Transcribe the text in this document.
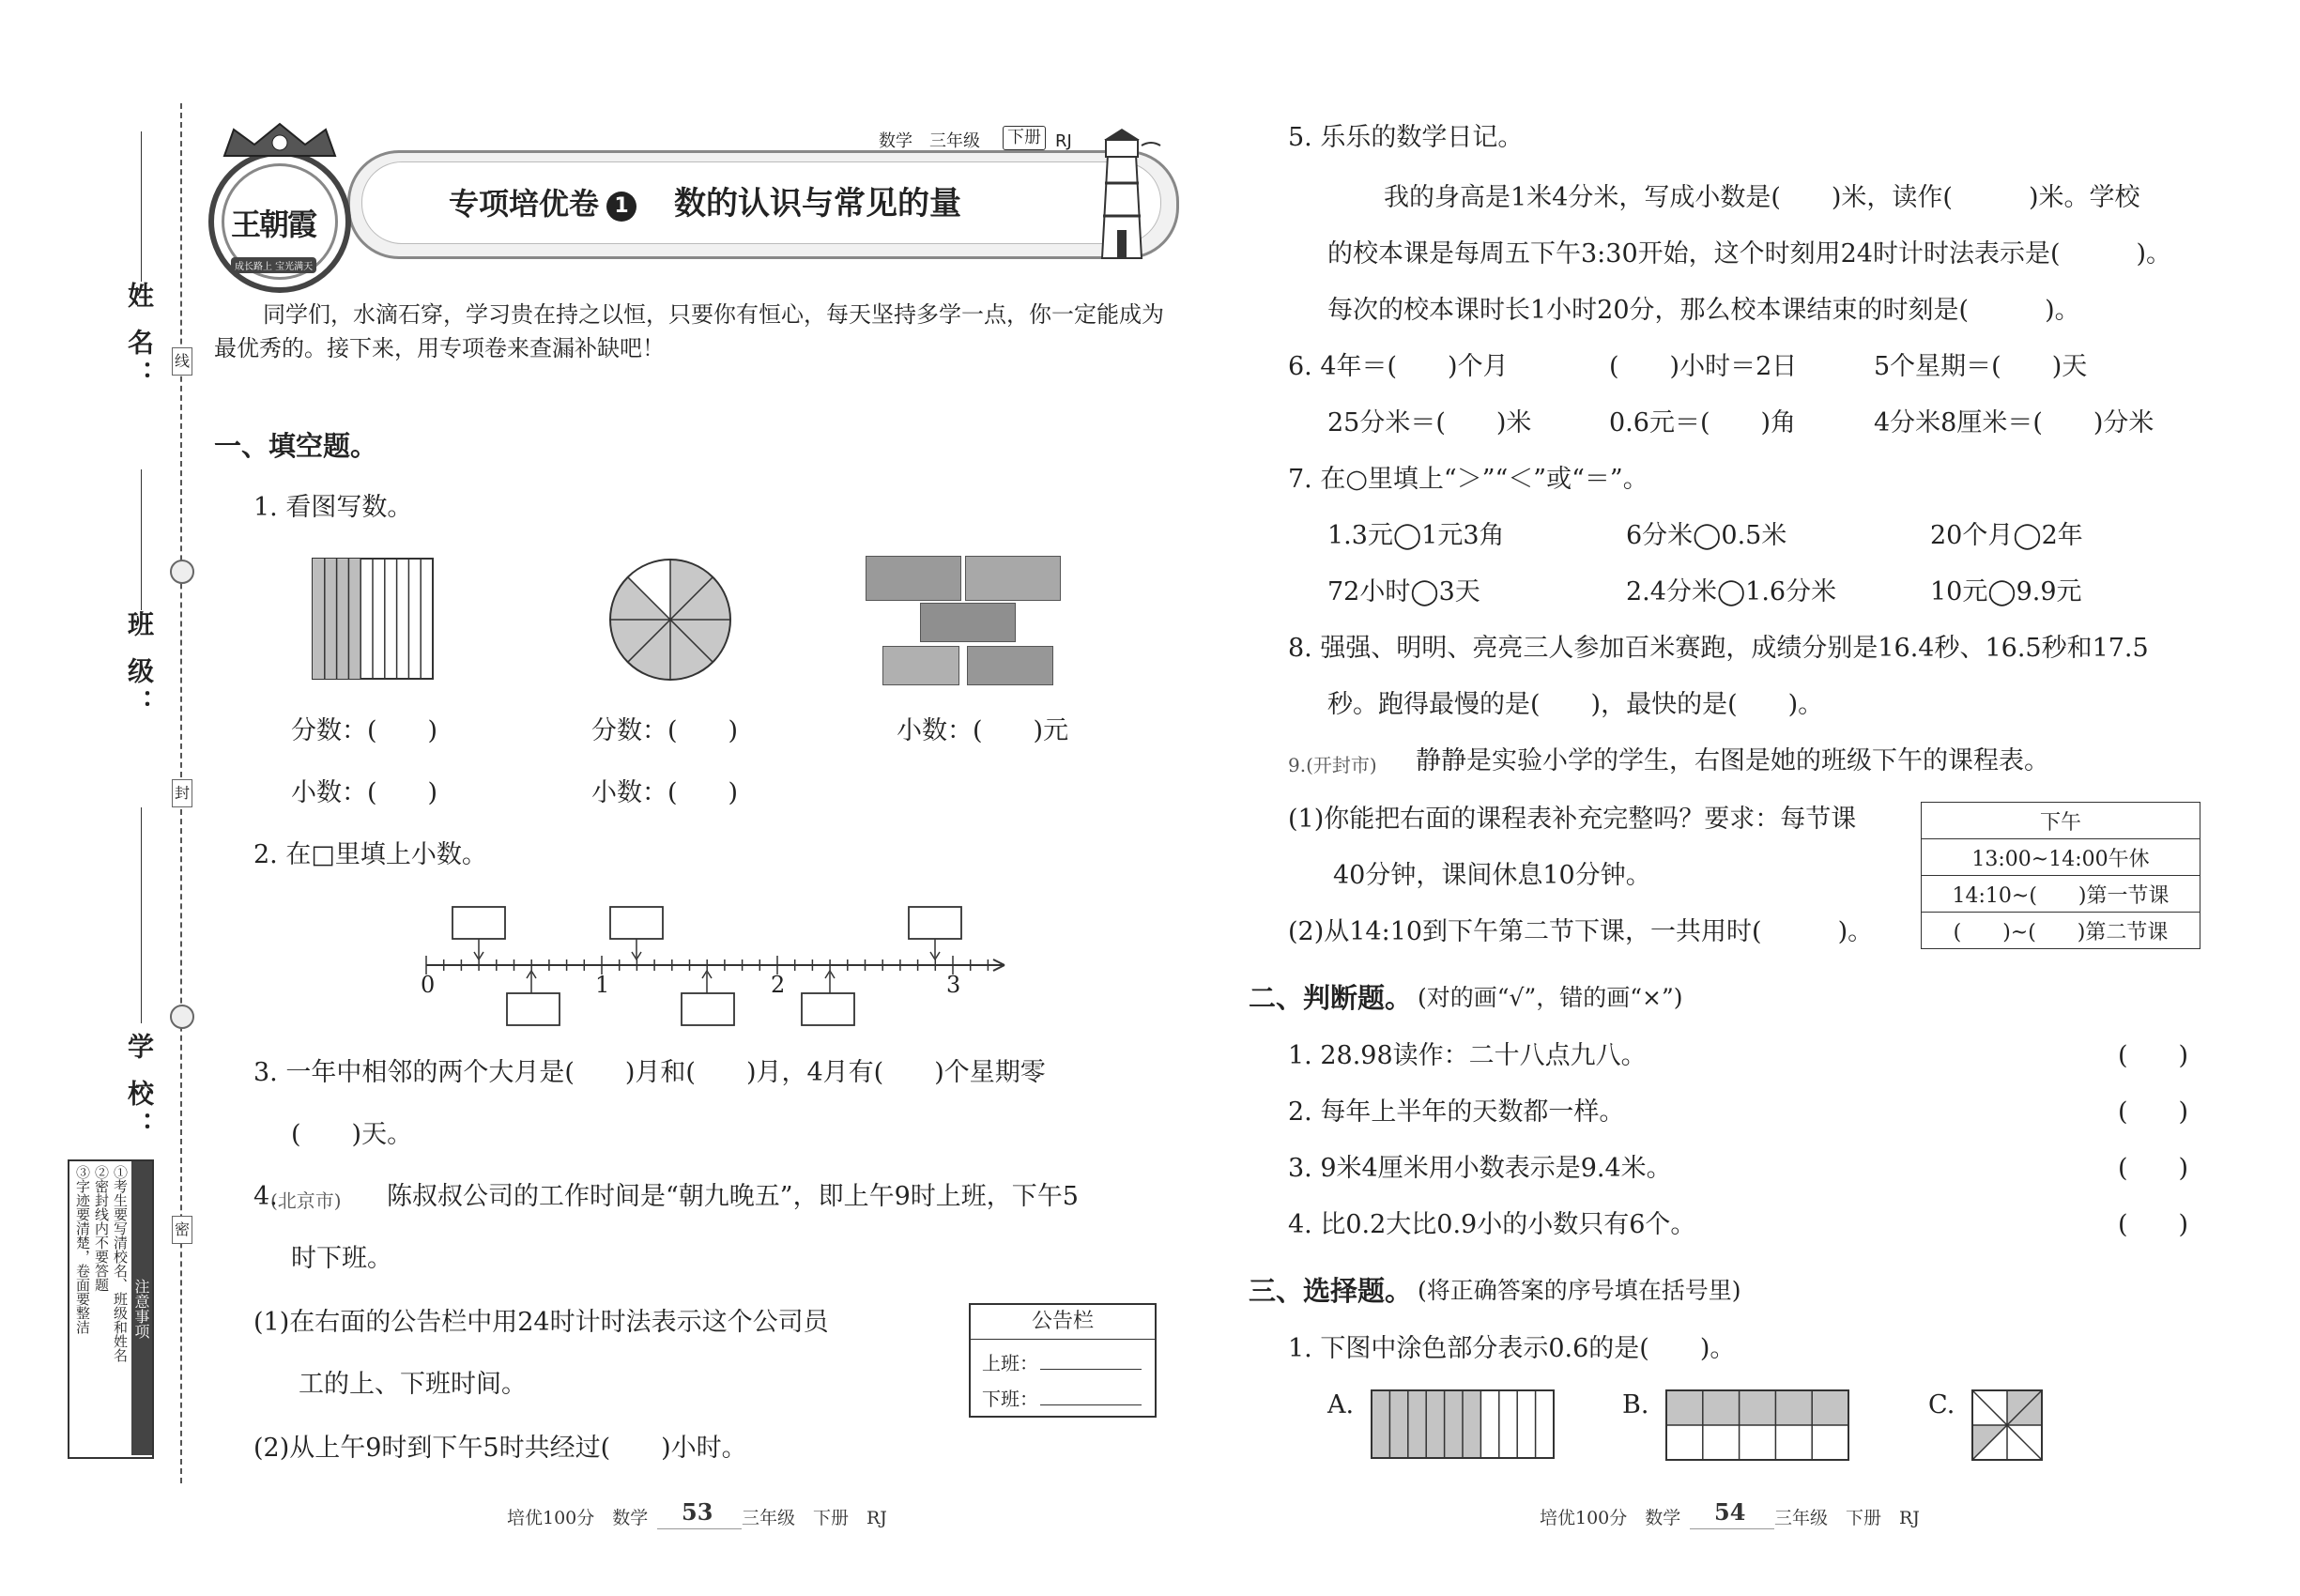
姓 名：
班 级：
学 校：
线
封
密
注意事项
①考生要写清校名、班级和姓名
②密封线内不要答题
③字迹要清楚，卷面要整洁
王朝霞
成长路上 宝光满天
数学 三年级 下册 RJ
专项培优卷 1 数的认识与常见的量
同学们，水滴石穿，学习贵在持之以恒，只要你有恒心，每天坚持多学一点，你一定能成为
最优秀的。接下来，用专项卷来查漏补缺吧！
一、填空题。
1. 看图写数。
分数：(　　)
小数：(　　)
分数：(　　)
小数：(　　)
小数：(　　)元
2. 在□里填上小数。
0	1	2	3
3. 一年中相邻的两个大月是(　　)月和(　　)月，4月有(　　)个星期零
(　　)天。
(北京市)
4.	陈叔叔公司的工作时间是“朝九晚五”，即上午9时上班，下午5
时下班。
(1)在右面的公告栏中用24时计时法表示这个公司员
工的上、下班时间。
(2)从上午9时到下午5时共经过(　　)小时。
公告栏
上班：
下班：
5. 乐乐的数学日记。
我的身高是1米4分米，写成小数是(　　)米，读作(　　　)米。学校
的校本课是每周五下午3:30开始，这个时刻用24时计时法表示是(　　　)。
每次的校本课时长1小时20分，那么校本课结束的时刻是(　　　)。
6. 4年＝(　　)个月	(　　)小时＝2日	5个星期＝(　　)天
25分米＝(　　)米	0.6元＝(　　)角	4分米8厘米＝(　　)分米
7. 在○里填上“＞”“＜”或“＝”。
1.3元◯1元3角	6分米◯0.5米	20个月◯2年
72小时◯3天	2.4分米◯1.6分米	10元◯9.9元
8. 强强、明明、亮亮三人参加百米赛跑，成绩分别是16.4秒、16.5秒和17.5
秒。跑得最慢的是(　　)，最快的是(　　)。
9.(开封市) 静静是实验小学的学生，右图是她的班级下午的课程表。
(1)你能把右面的课程表补充完整吗？要求：每节课
40分钟，课间休息10分钟。
(2)从14:10到下午第二节下课，一共用时(　　　)。
下午
13:00~14:00午休
14:10~(　　)第一节课
(　　)~(　　)第二节课
二、判断题。 (对的画“√”，错的画“×”)
1. 28.98读作：二十八点九八。	(　　)
2. 每年上半年的天数都一样。	(　　)
3. 9米4厘米用小数表示是9.4米。	(　　)
4. 比0.2大比0.9小的小数只有6个。	(　　)
三、选择题。 (将正确答案的序号填在括号里)
1. 下图中涂色部分表示0.6的是(　　)。
A.	B.	C.
培优100分　数学 53 三年级　下册　RJ	培优100分　数学 54 三年级　下册　RJ
